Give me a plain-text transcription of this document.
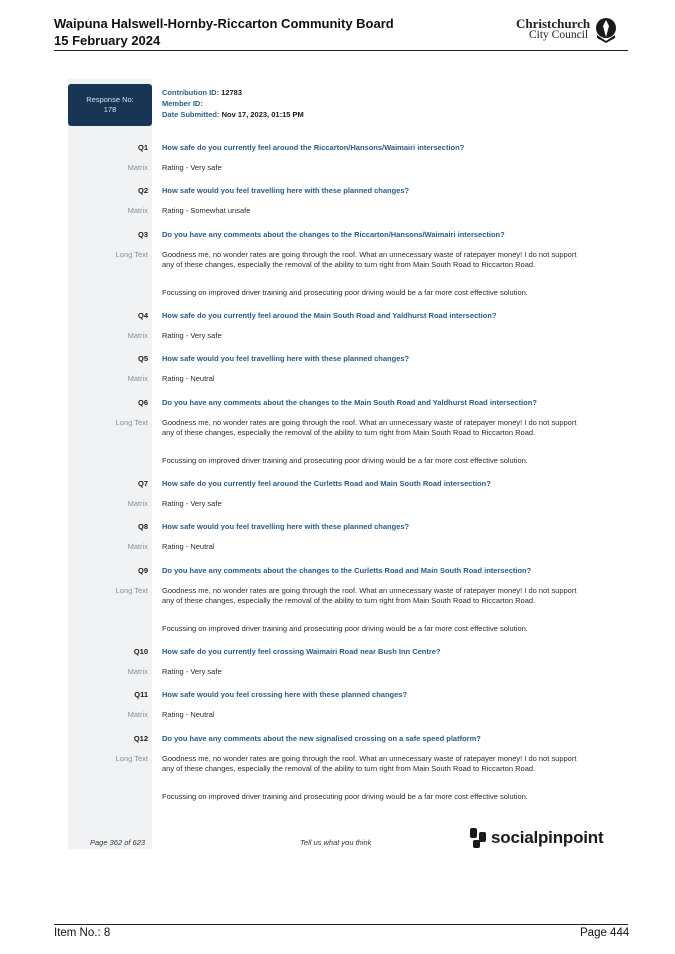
Waipuna Halswell-Hornby-Riccarton Community Board
15 February 2024
Christchurch
City Council
Response No:
178
Contribution ID: 12783
Member ID:
Date Submitted: Nov 17, 2023, 01:15 PM
Q1 How safe do you currently feel around the Riccarton/Hansons/Waimairi intersection?
Matrix Rating - Very safe
Q2 How safe would you feel travelling here with these planned changes?
Matrix Rating - Somewhat unsafe
Q3 Do you have any comments about the changes to the Riccarton/Hansons/Waimairi intersection?
Long Text Goodness me, no wonder rates are going through the roof. What an unnecessary waste of ratepayer money! I do not support any of these changes, especially the removal of the ability to turn right from Main South Road to Riccarton Road.
Focussing on improved driver training and prosecuting poor driving would be a far more cost effective solution.
Q4 How safe do you currently feel around the Main South Road and Yaldhurst Road intersection?
Matrix Rating - Very safe
Q5 How safe would you feel travelling here with these planned changes?
Matrix Rating - Neutral
Q6 Do you have any comments about the changes to the Main South Road and Yaldhurst Road intersection?
Long Text Goodness me, no wonder rates are going through the roof. What an unnecessary waste of ratepayer money! I do not support any of these changes, especially the removal of the ability to turn right from Main South Road to Riccarton Road.
Focussing on improved driver training and prosecuting poor driving would be a far more cost effective solution.
Q7 How safe do you currently feel around the Curletts Road and Main South Road intersection?
Matrix Rating - Very safe
Q8 How safe would you feel travelling here with these planned changes?
Matrix Rating - Neutral
Q9 Do you have any comments about the changes to the Curletts Road and Main South Road intersection?
Long Text Goodness me, no wonder rates are going through the roof. What an unnecessary waste of ratepayer money! I do not support any of these changes, especially the removal of the ability to turn right from Main South Road to Riccarton Road.
Focussing on improved driver training and prosecuting poor driving would be a far more cost effective solution.
Q10 How safe do you currently feel crossing Waimairi Road near Bush Inn Centre?
Matrix Rating - Very safe
Q11 How safe would you feel crossing here with these planned changes?
Matrix Rating - Neutral
Q12 Do you have any comments about the new signalised crossing on a safe speed platform?
Long Text Goodness me, no wonder rates are going through the roof. What an unnecessary waste of ratepayer money! I do not support any of these changes, especially the removal of the ability to turn right from Main South Road to Riccarton Road.
Focussing on improved driver training and prosecuting poor driving would be a far more cost effective solution.
Page 362 of 623	Tell us what you think	socialpinpoint
Item No.: 8	Page 444
